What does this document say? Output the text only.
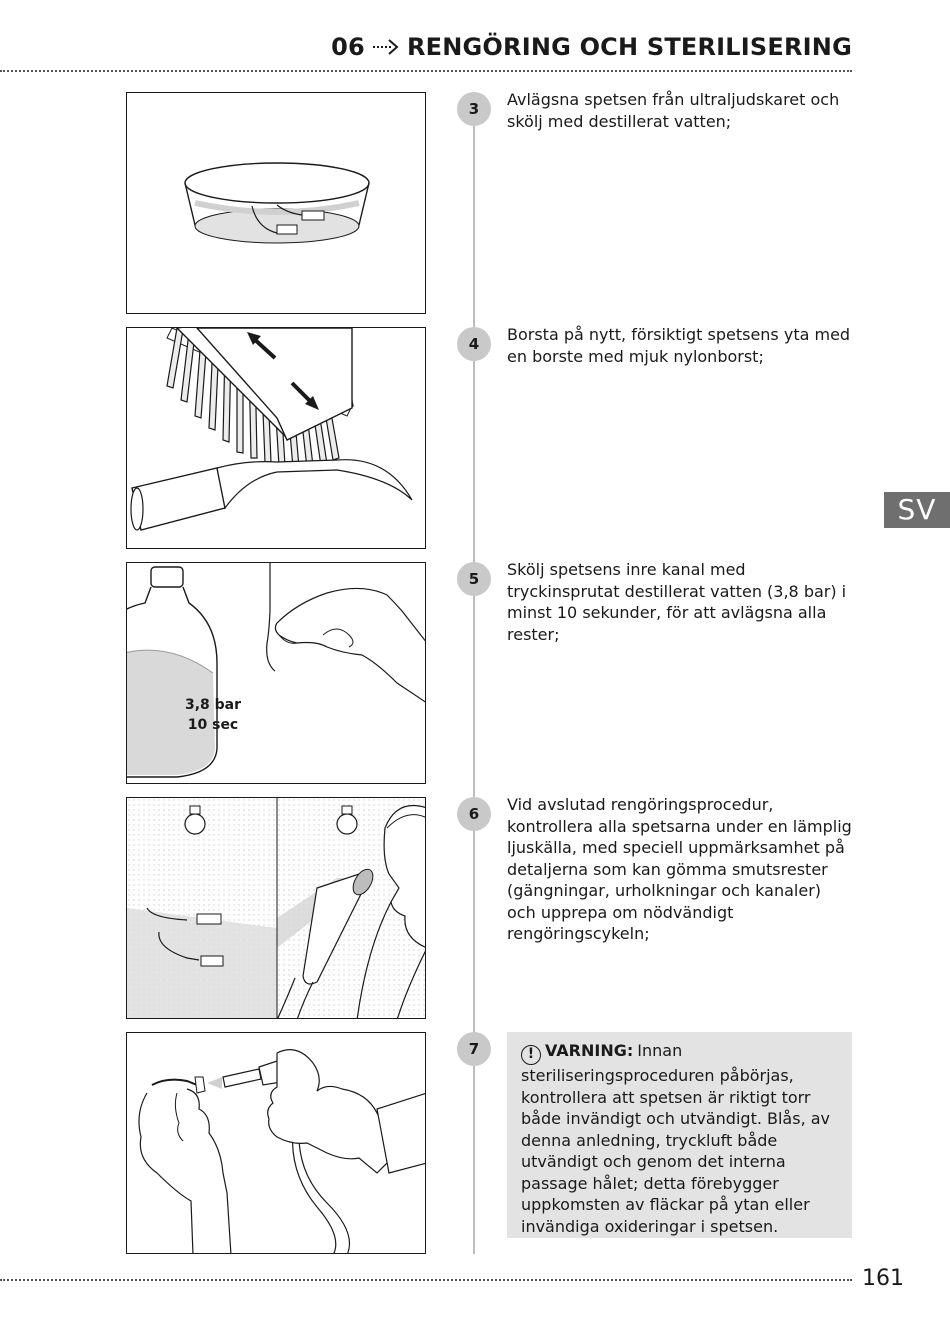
06 RENGÖRING OCH STERILISERING
SV
3,8 bar
10 sec
3	Avlägsna spetsen från ultraljudskaret och skölj med destillerat vatten;
4	Borsta på nytt, försiktigt spetsens yta med en borste med mjuk nylonborst;
5	Skölj spetsens inre kanal med tryckinsprutat destillerat vatten (3,8 bar) i minst 10 sekunder, för att avlägsna alla rester;
6	Vid avslutad rengöringsprocedur, kontrollera alla spetsarna under en lämplig ljuskälla, med speciell uppmärksamhet på detaljerna som kan gömma smutsrester (gängningar, urholkningar och kanaler) och upprepa om nödvändigt rengöringscykeln;
7	! VARNING: Innan steriliseringsproceduren påbörjas, kontrollera att spetsen är riktigt torr både invändigt och utvändigt. Blås, av denna anledning, tryckluft både utvändigt och genom det interna passage hålet; detta förebygger uppkomsten av fläckar på ytan eller invändiga oxideringar i spetsen.
161
